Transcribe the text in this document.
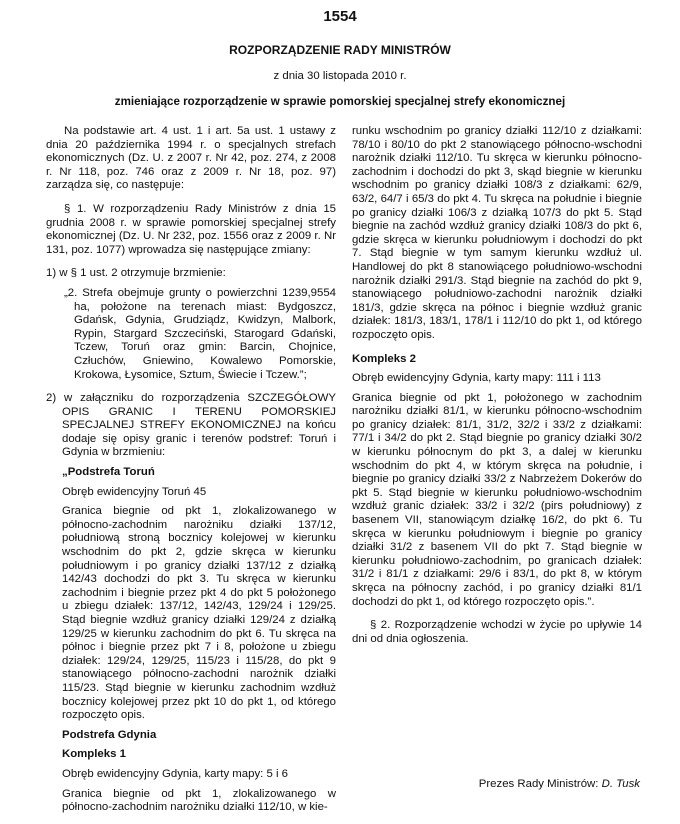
1554
ROZPORZĄDZENIE RADY MINISTRÓW
z dnia 30 listopada 2010 r.
zmieniające rozporządzenie w sprawie pomorskiej specjalnej strefy ekonomicznej

Na podstawie art. 4 ust. 1 i art. 5a ust. 1 ustawy z dnia 20 października 1994 r. o specjalnych strefach ekonomicznych (Dz. U. z 2007 r. Nr 42, poz. 274, z 2008 r. Nr 118, poz. 746 oraz z 2009 r. Nr 18, poz. 97) zarządza się, co następuje:

§ 1. W rozporządzeniu Rady Ministrów z dnia 15 grudnia 2008 r. w sprawie pomorskiej specjalnej strefy ekonomicznej (Dz. U. Nr 232, poz. 1556 oraz z 2009 r. Nr 131, poz. 1077) wprowadza się następujące zmiany:

1) w § 1 ust. 2 otrzymuje brzmienie:

„2. Strefa obejmuje grunty o powierzchni 1239,9554 ha, położone na terenach miast: Bydgoszcz, Gdańsk, Gdynia, Grudziądz, Kwidzyn, Malbork, Rypin, Stargard Szczeciński, Starogard Gdański, Tczew, Toruń oraz gmin: Barcin, Chojnice, Człuchów, Gniewino, Kowalewo Pomorskie, Krokowa, Łysomice, Sztum, Świecie i Tczew.”;

2) w załączniku do rozporządzenia SZCZEGÓŁOWY OPIS GRANIC I TERENU POMORSKIEJ SPECJALNEJ STREFY EKONOMICZNEJ na końcu dodaje się opisy granic i terenów podstref: Toruń i Gdynia w brzmieniu:

„Podstrefa Toruń

Obręb ewidencyjny Toruń 45

Granica biegnie od pkt 1, zlokalizowanego w północno-zachodnim narożniku działki 137/12, południową stroną bocznicy kolejowej w kierunku wschodnim do pkt 2, gdzie skręca w kierunku południowym i po granicy działki 137/12 z działką 142/43 dochodzi do pkt 3. Tu skręca w kierunku zachodnim i biegnie przez pkt 4 do pkt 5 położonego u zbiegu działek: 137/12, 142/43, 129/24 i 129/25. Stąd biegnie wzdłuż granicy działki 129/24 z działką 129/25 w kierunku zachodnim do pkt 6. Tu skręca na północ i biegnie przez pkt 7 i 8, położone u zbiegu działek: 129/24, 129/25, 115/23 i 115/28, do pkt 9 stanowiącego północno-zachodni narożnik działki 115/23. Stąd biegnie w kierunku zachodnim wzdłuż bocznicy kolejowej przez pkt 10 do pkt 1, od którego rozpoczęto opis.

Podstrefa Gdynia

Kompleks 1

Obręb ewidencyjny Gdynia, karty mapy: 5 i 6

Granica biegnie od pkt 1, zlokalizowanego w północno-zachodnim narożniku działki 112/10, w kie-

runku wschodnim po granicy działki 112/10 z działkami: 78/10 i 80/10 do pkt 2 stanowiącego północno-wschodni narożnik działki 112/10. Tu skręca w kierunku północno-zachodnim i dochodzi do pkt 3, skąd biegnie w kierunku wschodnim po granicy działki 108/3 z działkami: 62/9, 63/2, 64/7 i 65/3 do pkt 4. Tu skręca na południe i biegnie po granicy działki 106/3 z działką 107/3 do pkt 5. Stąd biegnie na zachód wzdłuż granicy działki 108/3 do pkt 6, gdzie skręca w kierunku południowym i dochodzi do pkt 7. Stąd biegnie w tym samym kierunku wzdłuż ul. Handlowej do pkt 8 stanowiącego południowo-wschodni narożnik działki 291/3. Stąd biegnie na zachód do pkt 9, stanowiącego południowo-zachodni narożnik działki 181/3, gdzie skręca na północ i biegnie wzdłuż granic działek: 181/3, 183/1, 178/1 i 112/10 do pkt 1, od którego rozpoczęto opis.

Kompleks 2

Obręb ewidencyjny Gdynia, karty mapy: 111 i 113

Granica biegnie od pkt 1, położonego w zachodnim narożniku działki 81/1, w kierunku północno-wschodnim po granicy działek: 81/1, 31/2, 32/2 i 33/2 z działkami: 77/1 i 34/2 do pkt 2. Stąd biegnie po granicy działki 30/2 w kierunku północnym do pkt 3, a dalej w kierunku wschodnim do pkt 4, w którym skręca na południe, i biegnie po granicy działki 33/2 z Nabrzeżem Dokerów do pkt 5. Stąd biegnie w kierunku południowo-wschodnim wzdłuż granic działek: 33/2 i 32/2 (pirs południowy) z basenem VII, stanowiącym działkę 16/2, do pkt 6. Tu skręca w kierunku południowym i biegnie po granicy działki 31/2 z basenem VII do pkt 7. Stąd biegnie w kierunku południowo-zachodnim, po granicach działek: 31/2 i 81/1 z działkami: 29/6 i 83/1, do pkt 8, w którym skręca na północny zachód, i po granicy działki 81/1 dochodzi do pkt 1, od którego rozpoczęto opis.”.

§ 2. Rozporządzenie wchodzi w życie po upływie 14 dni od dnia ogłoszenia.

Prezes Rady Ministrów: D. Tusk
